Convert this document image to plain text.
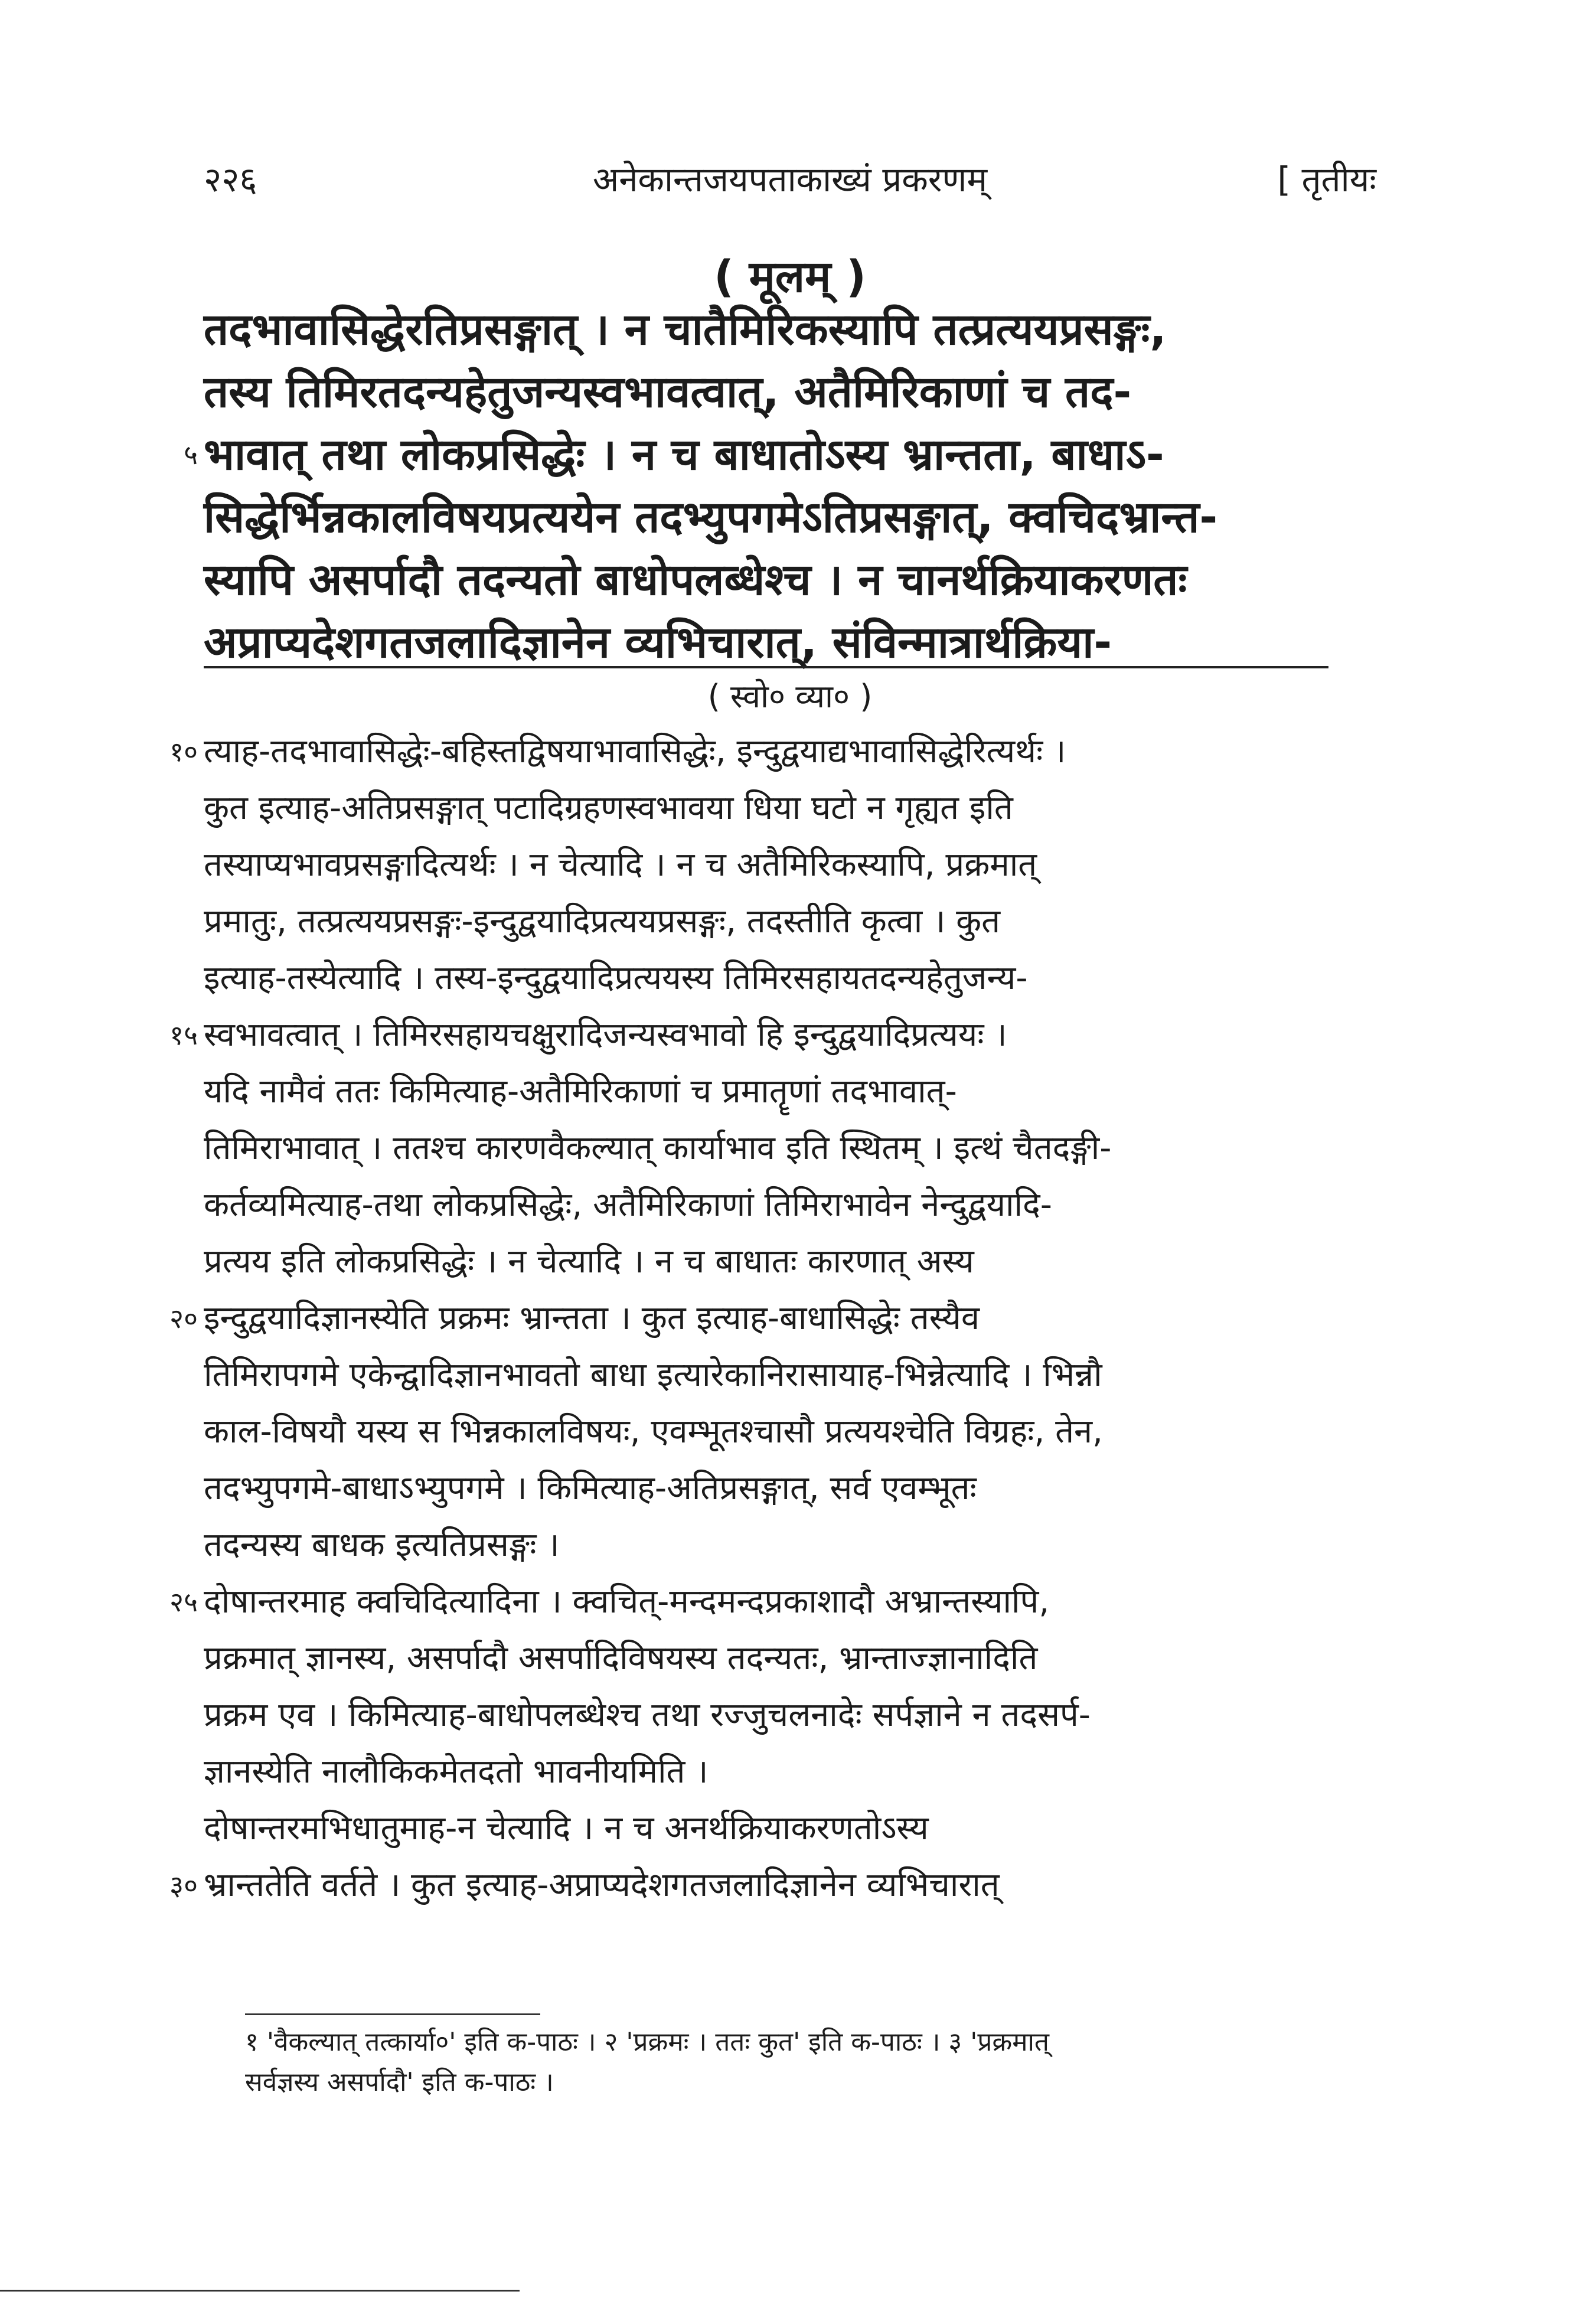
२२६	अनेकान्तजयपताकाख्यं प्रकरणम्	[ तृतीयः
( मूलम् )
तदभावासिद्धेरतिप्रसङ्गात् । न चातैमिरिकस्यापि तत्प्रत्ययप्रसङ्गः,
तस्य तिमिरतदन्यहेतुजन्यस्वभावत्वात्, अतैमिरिकाणां च तद-
५ भावात् तथा लोकप्रसिद्धेः । न च बाधातोऽस्य भ्रान्तता, बाधाऽ-
सिद्धेर्भिन्नकालविषयप्रत्ययेन तदभ्युपगमेऽतिप्रसङ्गात्, क्वचिदभ्रान्त-
स्यापि असर्पादौ तदन्यतो बाधोपलब्धेश्च । न चानर्थक्रियाकरणतः
अप्राप्यदेशगतजलादिज्ञानेन व्यभिचारात्, संविन्मात्रार्थक्रिया-
( स्वो० व्या० )
१० त्याह-तदभावासिद्धेः-बहिस्तद्विषयाभावासिद्धेः, इन्दुद्वयाद्यभावासिद्धेरित्यर्थः ।
कुत इत्याह-अतिप्रसङ्गात् पटादिग्रहणस्वभावया धिया घटो न गृह्यत इति
तस्याप्यभावप्रसङ्गादित्यर्थः । न चेत्यादि । न च अतैमिरिकस्यापि, प्रक्रमात्
प्रमातुः, तत्प्रत्ययप्रसङ्गः-इन्दुद्वयादिप्रत्ययप्रसङ्गः, तदस्तीति कृत्वा । कुत
इत्याह-तस्येत्यादि । तस्य-इन्दुद्वयादिप्रत्ययस्य तिमिरसहायतदन्यहेतुजन्य-
१५ स्वभावत्वात् । तिमिरसहायचक्षुरादिजन्यस्वभावो हि इन्दुद्वयादिप्रत्ययः ।
यदि नामैवं ततः किमित्याह-अतैमिरिकाणां च प्रमातॄणां तदभावात्-
तिमिराभावात् । ततश्च कारणवैकल्यात् कार्याभाव इति स्थितम् । इत्थं चैतदङ्गी-
कर्तव्यमित्याह-तथा लोकप्रसिद्धेः, अतैमिरिकाणां तिमिराभावेन नेन्दुद्वयादि-
प्रत्यय इति लोकप्रसिद्धेः । न चेत्यादि । न च बाधातः कारणात् अस्य
२० इन्दुद्वयादिज्ञानस्येति प्रक्रमः भ्रान्तता । कुत इत्याह-बाधासिद्धेः तस्यैव
तिमिरापगमे एकेन्द्वादिज्ञानभावतो बाधा इत्यारेकानिरासायाह-भिन्नेत्यादि । भिन्नौ
काल-विषयौ यस्य स भिन्नकालविषयः, एवम्भूतश्चासौ प्रत्ययश्चेति विग्रहः, तेन,
तदभ्युपगमे-बाधाऽभ्युपगमे । किमित्याह-अतिप्रसङ्गात्, सर्व एवम्भूतः
तदन्यस्य बाधक इत्यतिप्रसङ्गः ।
२५ दोषान्तरमाह क्वचिदित्यादिना । क्वचित्-मन्दमन्दप्रकाशादौ अभ्रान्तस्यापि,
प्रक्रमात् ज्ञानस्य, असर्पादौ असर्पादिविषयस्य तदन्यतः, भ्रान्ताज्ज्ञानादिति
प्रक्रम एव । किमित्याह-बाधोपलब्धेश्च तथा रज्जुचलनादेः सर्पज्ञाने न तदसर्प-
ज्ञानस्येति नालौकिकमेतदतो भावनीयमिति ।
दोषान्तरमभिधातुमाह-न चेत्यादि । न च अनर्थक्रियाकरणतोऽस्य
३० भ्रान्ततेति वर्तते । कुत इत्याह-अप्राप्यदेशगतजलादिज्ञानेन व्यभिचारात्
१ 'वैकल्यात् तत्कार्या०' इति क-पाठः । २ 'प्रक्रमः । ततः कुत' इति क-पाठः । ३ 'प्रक्रमात्
सर्वज्ञस्य असर्पादौ' इति क-पाठः ।
